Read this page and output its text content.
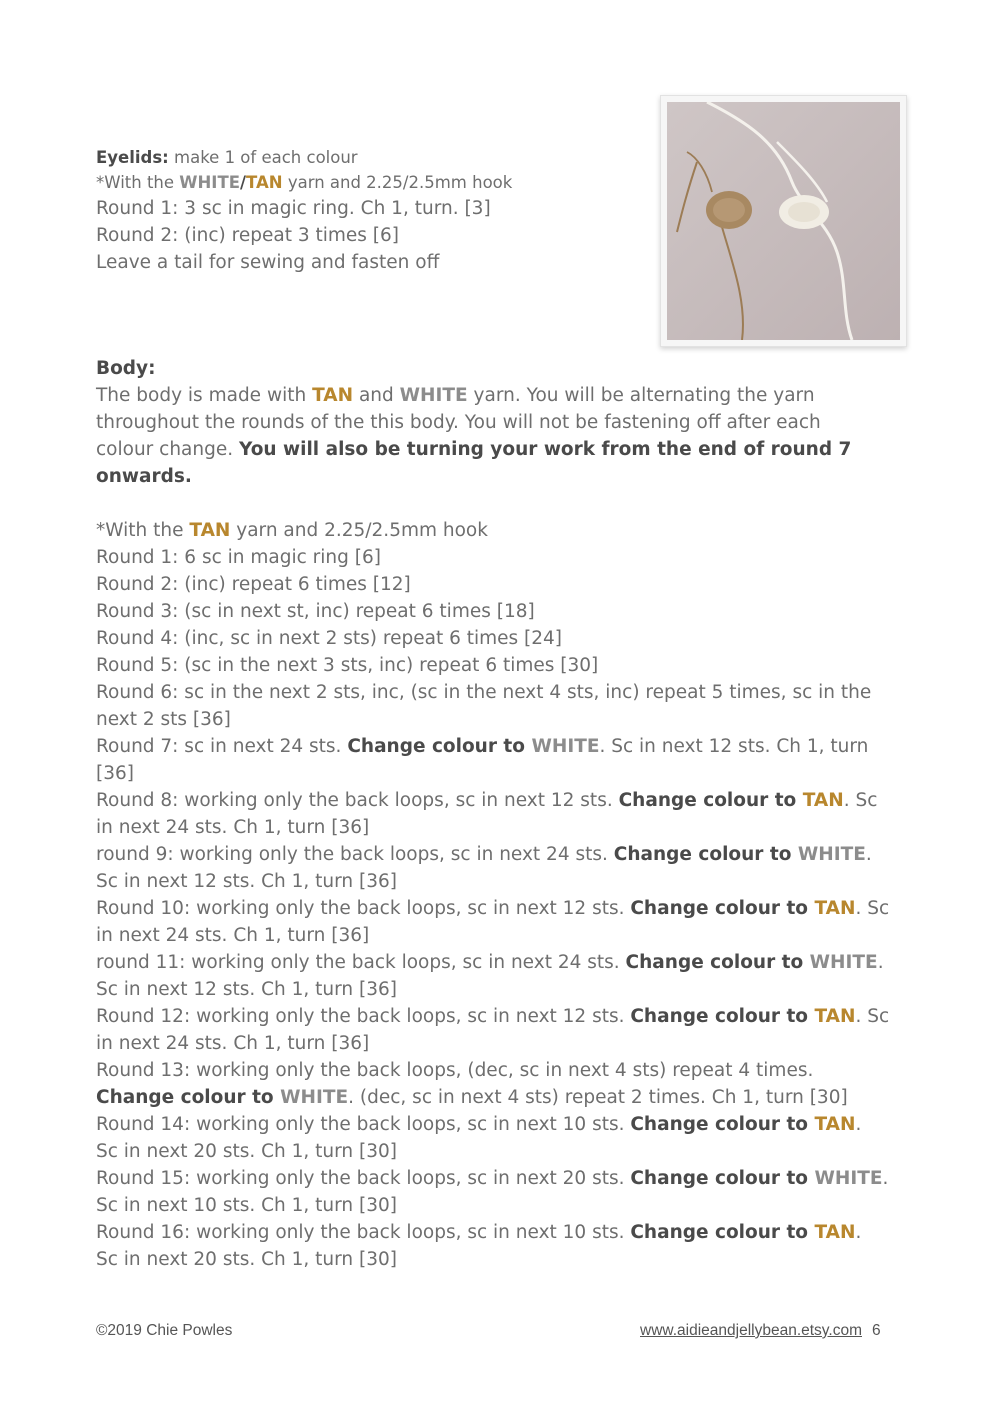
Eyelids: make 1 of each colour
*With the WHITE/TAN yarn and 2.25/2.5mm hook
Round 1: 3 sc in magic ring. Ch 1, turn. [3]
Round 2: (inc) repeat 3 times [6]
Leave a tail for sewing and fasten off
Body:
The body is made with TAN and WHITE yarn. You will be alternating the yarn
throughout the rounds of the this body. You will not be fastening off after each
colour change. You will also be turning your work from the end of round 7
onwards.

*With the TAN yarn and 2.25/2.5mm hook
Round 1: 6 sc in magic ring [6]
Round 2: (inc) repeat 6 times [12]
Round 3: (sc in next st, inc) repeat 6 times [18]
Round 4: (inc, sc in next 2 sts) repeat 6 times [24]
Round 5: (sc in the next 3 sts, inc) repeat 6 times [30]
Round 6: sc in the next 2 sts, inc, (sc in the next 4 sts, inc) repeat 5 times, sc in the
next 2 sts [36]
Round 7: sc in next 24 sts. Change colour to WHITE. Sc in next 12 sts. Ch 1, turn
[36]
Round 8: working only the back loops, sc in next 12 sts. Change colour to TAN. Sc
in next 24 sts. Ch 1, turn [36]
round 9: working only the back loops, sc in next 24 sts. Change colour to WHITE.
Sc in next 12 sts. Ch 1, turn [36]
Round 10: working only the back loops, sc in next 12 sts. Change colour to TAN. Sc
in next 24 sts. Ch 1, turn [36]
round 11: working only the back loops, sc in next 24 sts. Change colour to WHITE.
Sc in next 12 sts. Ch 1, turn [36]
Round 12: working only the back loops, sc in next 12 sts. Change colour to TAN. Sc
in next 24 sts. Ch 1, turn [36]
Round 13: working only the back loops, (dec, sc in next 4 sts) repeat 4 times.
Change colour to WHITE. (dec, sc in next 4 sts) repeat 2 times. Ch 1, turn [30]
Round 14: working only the back loops, sc in next 10 sts. Change colour to TAN.
Sc in next 20 sts. Ch 1, turn [30]
Round 15: working only the back loops, sc in next 20 sts. Change colour to WHITE.
Sc in next 10 sts. Ch 1, turn [30]
Round 16: working only the back loops, sc in next 10 sts. Change colour to TAN.
Sc in next 20 sts. Ch 1, turn [30]
©2019 Chie Powles	www.aidieandjellybean.etsy.com 6
